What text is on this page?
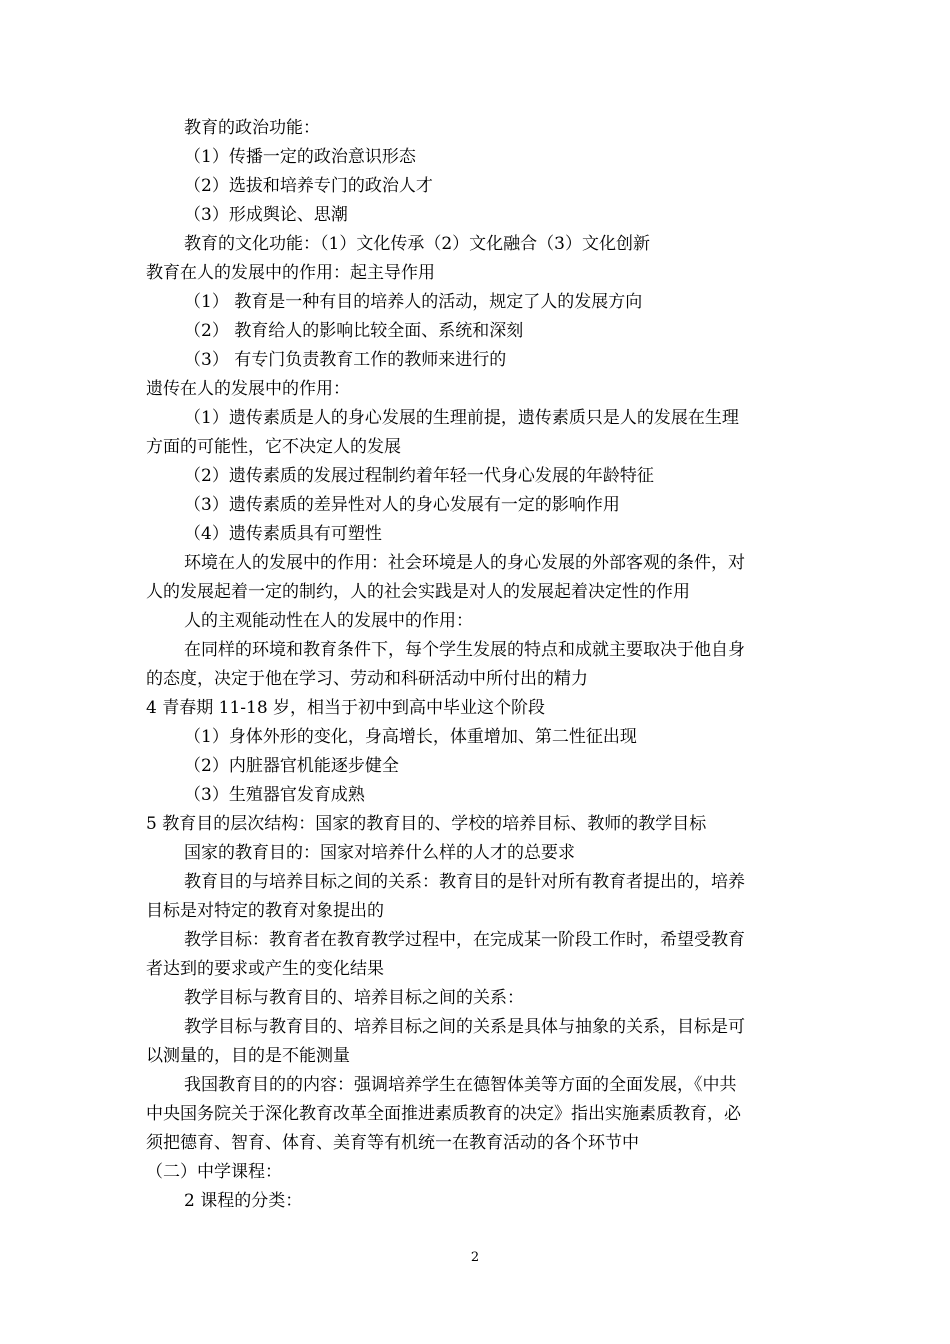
教育的政治功能：
（1）传播一定的政治意识形态
（2）选拔和培养专门的政治人才
（3）形成舆论、思潮
教育的文化功能：（1）文化传承（2）文化融合（3）文化创新
教育在人的发展中的作用：起主导作用
（1） 教育是一种有目的培养人的活动，规定了人的发展方向
（2） 教育给人的影响比较全面、系统和深刻
（3） 有专门负责教育工作的教师来进行的
遗传在人的发展中的作用：
（1）遗传素质是人的身心发展的生理前提，遗传素质只是人的发展在生理
方面的可能性，它不决定人的发展
（2）遗传素质的发展过程制约着年轻一代身心发展的年龄特征
（3）遗传素质的差异性对人的身心发展有一定的影响作用
（4）遗传素质具有可塑性
环境在人的发展中的作用：社会环境是人的身心发展的外部客观的条件，对
人的发展起着一定的制约，人的社会实践是对人的发展起着决定性的作用
人的主观能动性在人的发展中的作用：
在同样的环境和教育条件下，每个学生发展的特点和成就主要取决于他自身
的态度，决定于他在学习、劳动和科研活动中所付出的精力
4 青春期 11-18 岁，相当于初中到高中毕业这个阶段
（1）身体外形的变化，身高增长，体重增加、第二性征出现
（2）内脏器官机能逐步健全
（3）生殖器官发育成熟
5 教育目的层次结构：国家的教育目的、学校的培养目标、教师的教学目标
国家的教育目的：国家对培养什么样的人才的总要求
教育目的与培养目标之间的关系：教育目的是针对所有教育者提出的，培养
目标是对特定的教育对象提出的
教学目标：教育者在教育教学过程中，在完成某一阶段工作时，希望受教育
者达到的要求或产生的变化结果
教学目标与教育目的、培养目标之间的关系：
教学目标与教育目的、培养目标之间的关系是具体与抽象的关系，目标是可
以测量的，目的是不能测量
我国教育目的的内容：强调培养学生在德智体美等方面的全面发展，《中共
中央国务院关于深化教育改革全面推进素质教育的决定》指出实施素质教育，必
须把德育、智育、体育、美育等有机统一在教育活动的各个环节中
（二）中学课程：
2 课程的分类：
2
